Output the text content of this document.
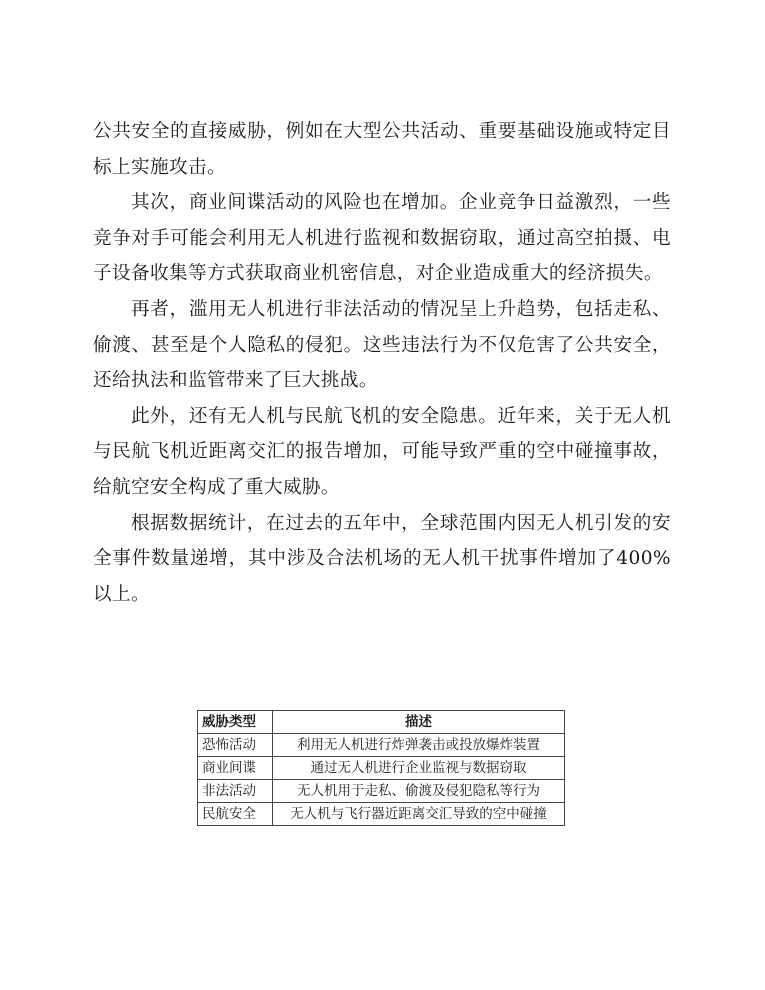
公共安全的直接威胁，例如在大型公共活动、重要基础设施或特定目标上实施攻击。

其次，商业间谍活动的风险也在增加。企业竞争日益激烈，一些竞争对手可能会利用无人机进行监视和数据窃取，通过高空拍摄、电子设备收集等方式获取商业机密信息，对企业造成重大的经济损失。

再者，滥用无人机进行非法活动的情况呈上升趋势，包括走私、偷渡、甚至是个人隐私的侵犯。这些违法行为不仅危害了公共安全，还给执法和监管带来了巨大挑战。

此外，还有无人机与民航飞机的安全隐患。近年来，关于无人机与民航飞机近距离交汇的报告增加，可能导致严重的空中碰撞事故，给航空安全构成了重大威胁。

根据数据统计，在过去的五年中，全球范围内因无人机引发的安全事件数量递增，其中涉及合法机场的无人机干扰事件增加了400%以上。

威胁类型	描述
恐怖活动	利用无人机进行炸弹袭击或投放爆炸装置
商业间谍	通过无人机进行企业监视与数据窃取
非法活动	无人机用于走私、偷渡及侵犯隐私等行为
民航安全	无人机与飞行器近距离交汇导致的空中碰撞
